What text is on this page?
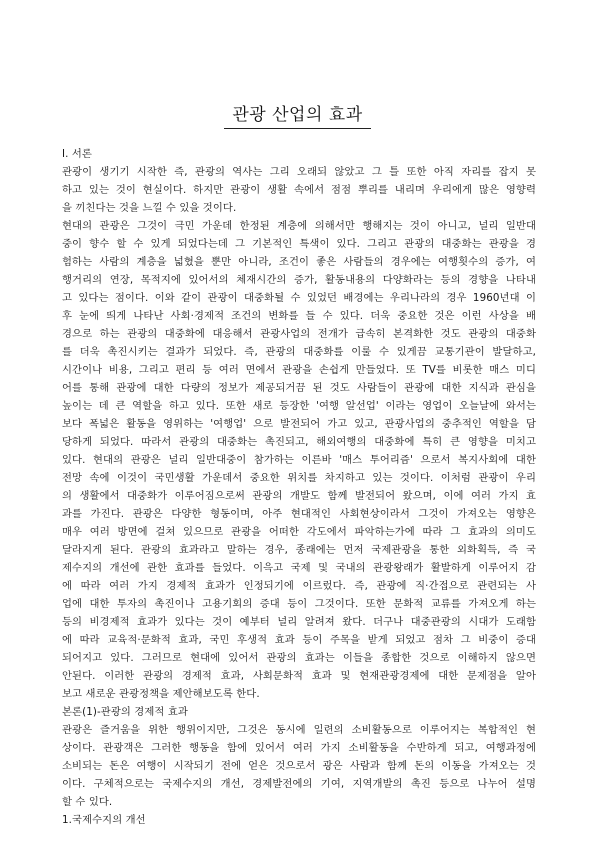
관광 산업의 효과
I. 서론
관광이 생기기 시작한 즉, 관광의 역사는 그리 오래되 않았고 그 틀 또한 아직 자리를 잡지 못
하고 있는 것이 현실이다. 하지만 관광이 생활 속에서 점점 뿌리를 내리며 우리에게 많은 영향력
을 끼친다는 것을 느낄 수 있을 것이다.
현대의 관광은 그것이 극민 가운데 한정된 계층에 의해서만 행해지는 것이 아니고, 널리 일반대
중이 향수 할 수 있게 되었다는데 그 기본적인 특색이 있다. 그리고 관광의 대중화는 관광을 경
험하는 사람의 계층을 넓혔을 뿐만 아니라, 조건이 좋은 사람들의 경우에는 여행횟수의 증가, 여
행거리의 연장, 목적지에 있어서의 체재시간의 증가, 활동내용의 다양화라는 등의 경향을 나타내
고 있다는 점이다. 이와 같이 관광이 대중화될 수 있었던 배경에는 우리나라의 경우 1960년대 이
후 눈에 띄게 나타난 사회·경제적 조건의 변화를 들 수 있다. 더욱 중요한 것은 이런 사상을 배
경으로 하는 관광의 대중화에 대응해서 관광사업의 전개가 급속히 본격화한 것도 관광의 대중화
를 더욱 촉진시키는 결과가 되었다. 즉, 관광의 대중화를 이룰 수 있게끔 교통기관이 발달하고,
시간이나 비용, 그리고 편리 등 여러 면에서 관광을 손쉽게 만들었다. 또 TV를 비롯한 매스 미디
어를 통해 관광에 대한 다량의 정보가 제공되거끔 된 것도 사람들이 관광에 대한 지식과 관심을
높이는 데 큰 역할을 하고 있다. 또한 새로 등장한 '여행 알선업' 이라는 영업이 오늘날에 와서는
보다 폭넓은 활동을 영위하는 '여행업' 으로 발전되어 가고 있고, 관광사업의 중추적인 역할을 담
당하게 되었다. 따라서 관광의 대중화는 촉진되고, 해외여행의 대중화에 특히 큰 영향을 미치고
있다. 현대의 관광은 널리 일반대중이 참가하는 이른바 '매스 투어리즘' 으로서 복지사회에 대한
전망 속에 이것이 국민생활 가운데서 중요한 위치를 차지하고 있는 것이다. 이처럼 관광이 우리
의 생활에서 대중화가 이루어짐으로써 관광의 개발도 함께 발전되어 왔으며, 이에 여러 가지 효
과를 가진다. 관광은 다양한 형동이며, 아주 현대적인 사회현상이라서 그것이 가져오는 영향은
매우 여러 방면에 걸쳐 있으므로 관광을 어떠한 각도에서 파악하는가에 따라 그 효과의 의미도
달라지게 된다. 관광의 효과라고 말하는 경우, 종래에는 먼저 국제관광을 통한 외화획득, 즉 국
제수지의 개선에 관한 효과를 들었다. 이윽고 국제 및 국내의 관광왕래가 활발하게 이루어지 감
에 따라 여러 가지 경제적 효과가 인정되기에 이르렀다. 즉, 관광에 직·간접으로 관련되는 사
업에 대한 투자의 촉진이나 고용기회의 증대 등이 그것이다. 또한 문화적 교류를 가져오게 하는
등의 비경제적 효과가 있다는 것이 예부터 널리 알려져 왔다. 더구나 대중관광의 시대가 도래함
에 따라 교육적·문화적 효과, 국민 후생적 효과 등이 주목을 받게 되었고 점차 그 비중이 증대
되어지고 있다. 그러므로 현대에 있어서 관광의 효과는 이들을 종합한 것으로 이해하지 않으면
안된다. 이러한 관광의 경제적 효과, 사회문화적 효과 및 현재관광경제에 대한 문제점을 알아
보고 새로운 관광정책을 제안해보도록 한다.
본론(1)-관광의 경제적 효과
관광은 즐거움을 위한 행위이지만, 그것은 동시에 일련의 소비활동으로 이루어지는 복합적인 현
상이다. 관광객은 그러한 행동을 함에 있어서 여러 가지 소비활동을 수반하게 되고, 여행과정에
소비되는 돈은 여행이 시작되기 전에 얻은 것으로서 광은 사람과 함께 돈의 이동을 가져오는 것
이다. 구체적으로는 국제수지의 개선, 경제발전에의 기여, 지역개발의 촉진 등으로 나누어 설명
할 수 있다.
1.국제수지의 개선
